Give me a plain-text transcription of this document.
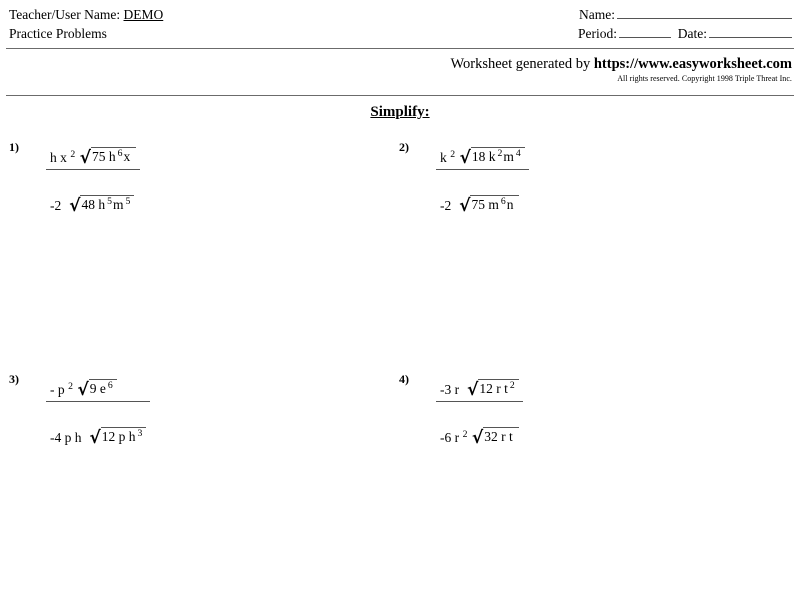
Teacher/User Name: DEMO
Practice Problems
Name:
Period:	Date:
Worksheet generated by https://www.easyworksheet.com
All rights reserved. Copyright 1998 Triple Threat Inc.
Simplify:
1)
h x $^2$ √75 h $^6$x
-2 √48 h $^5$m $^5$
2)
k $^2$ √18 k $^2$m $^4$
-2 √75 m $^6$n
3)
- p $^2$ √9 e $^6$
-4 p h √12 p h $^3$
4)
-3 r √12 r t $^2$
-6 r $^2$ √32 r t
